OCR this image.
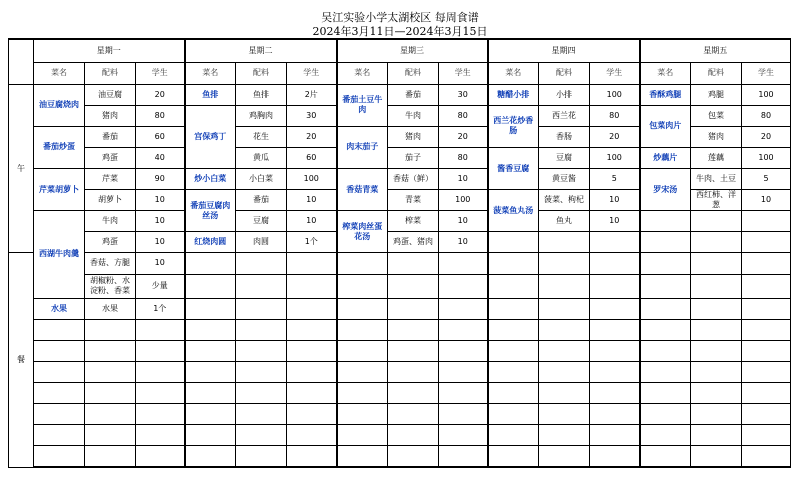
吴江实验小学太湖校区 每周食谱
2024年3月11日—2024年3月15日
	星期一			星期二			星期三			星期四			星期五		
	菜名	配料	学生	菜名	配料	学生	菜名	配料	学生	菜名	配料	学生	菜名	配料	学生
午	油豆腐烧肉	油豆腐	20	鱼排	鱼排	2片	番茄土豆牛肉	番茄	30	糖醋小排	小排	100	香酥鸡腿	鸡腿	100
		猪肉	80	宫保鸡丁	鸡胸肉	30		牛肉	80	西兰花炒香肠	西兰花	80	包菜肉片	包菜	80
	番茄炒蛋	番茄	60		花生	20	肉末茄子	猪肉	20		香肠	20		猪肉	20
		鸡蛋	40		黄瓜	60		茄子	80	酱香豆腐	豆腐	100	炒藕片	莲藕	100
	芹菜胡萝卜	芹菜	90	炒小白菜	小白菜	100	香菇青菜	香菇（鲜）	10		黄豆酱	5	罗宋汤	牛肉、土豆	5
		胡萝卜	10	番茄豆腐肉丝汤	番茄	10		青菜	100	菠菜鱼丸汤	菠菜、枸杞	10		西红柿、洋葱	10
	西湖牛肉羹	牛肉	10		豆腐	10	榨菜肉丝蛋花汤	榨菜	10		鱼丸	10			
		鸡蛋	10	红烧肉圆	肉圆	1个		鸡蛋、猪肉	10						
餐		香菇、方腿	10												
		胡椒粉、水淀粉、香菜	少量												
	水果	水果	1个												
